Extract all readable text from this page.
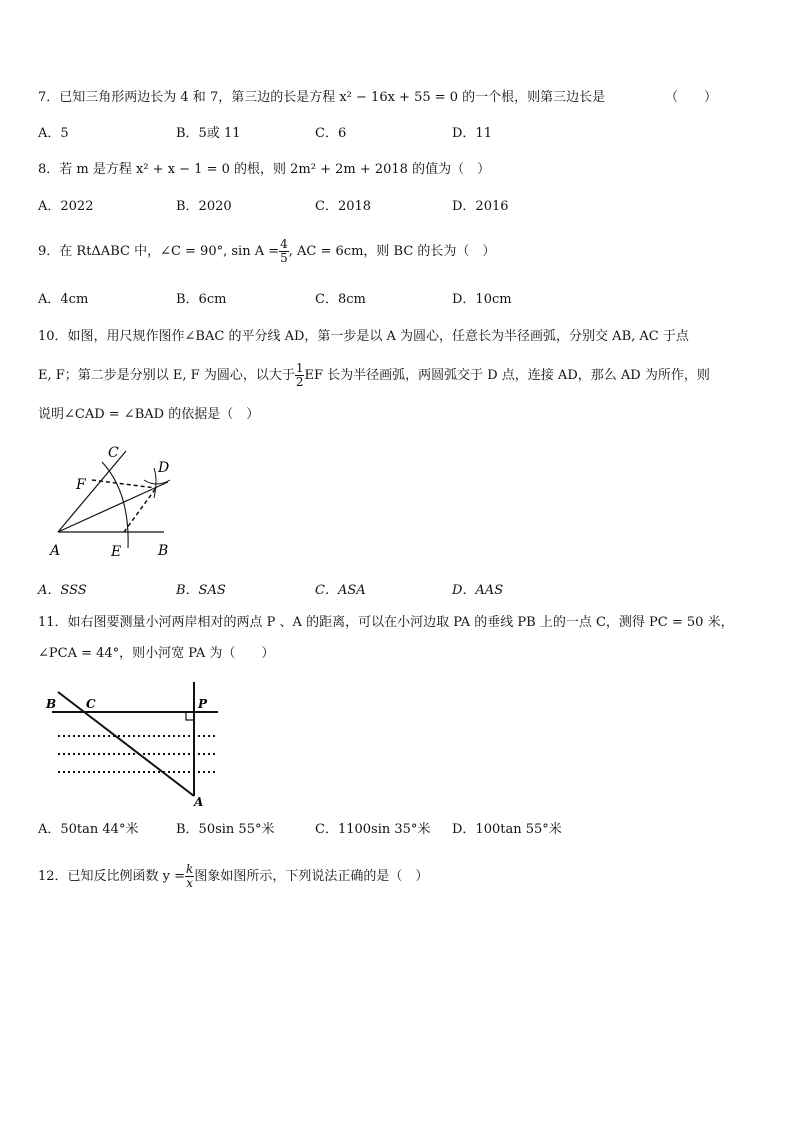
7．已知三角形两边长为 4 和 7，第三边的长是方程 x² − 16x + 55 = 0 的一个根，则第三边长是	（　　）
A．5	B．5或 11	C．6	D．11
8．若 m 是方程 x² + x − 1 = 0 的根，则 2m² + 2m + 2018 的值为（　）
A．2022	B．2020	C．2018	D．2016
9．在 RtΔABC 中，∠C = 90°, $\sin A = \frac{4}{5}$ , AC = 6cm，则 BC 的长为（　）
A．4cm	B．6cm	C．8cm	D．10cm
10．如图，用尺规作图作∠BAC 的平分线 AD，第一步是以 A 为圆心，任意长为半径画弧，分别交 AB, AC 于点
E, F；第二步是分别以 E, F 为圆心，以大于 $\frac{1}{2}$ EF 长为半径画弧，两圆弧交于 D 点，连接 AD，那么 AD 为所作，则
说明∠CAD = ∠BAD 的依据是（　）
A	E	B
C
F
D
A．SSS	B．SAS	C．ASA	D．AAS
11．如右图要测量小河两岸相对的两点 P 、A 的距离，可以在小河边取 PA 的垂线 PB 上的一点 C，测得 PC = 50 米，
∠PCA = 44°，则小河宽 PA 为（　　）
B C	P
A
A．50tan 44°米	B．50sin 55°米	C．1100sin 35°米 D．100tan 55°米
12．已知反比例函数 $y = \frac{k}{x}$ 图象如图所示，下列说法正确的是（　）
